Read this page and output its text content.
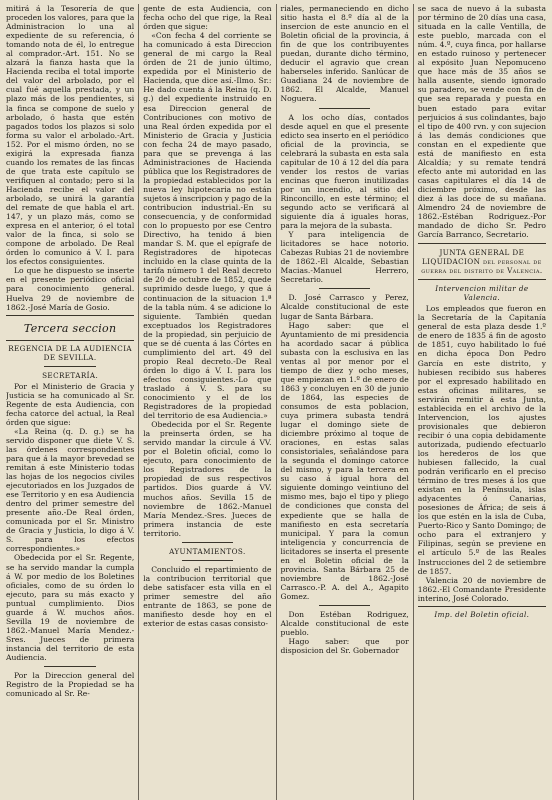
mitirá á la Tesorería de que proceden los valores, para que la Administracion lo una al expediente de su referencia, ó tomando nota de él, lo entregue al comprador.-Art. 151. No se alzará la fianza hasta que la Hacienda reciba el total importe del valor del arbolado, por el cual fué aquella prestada, y un plazo más de los pendientes, si la finca se compone de suelo y arbolado, ó hasta que estén pagados todos los plazos si solo forma su valor el arbolado.-Art. 152. Por el mismo órden, no se exigirá la expresada fianza cuando los remates de las fincas de que trata este capítulo se verifiquen al contado; pero si la Hacienda recibe el valor del arbolado, se unirá la garantía del remate de que habla el art. 147, y un plazo más, como se expresa en el anterior, ó el total valor de la finca, si solo se compone de arbolado. De Real órden lo comunico á V. I. para los efectos consiguientes.

Lo que he dispuesto se inserte en el presente periódico oficial para conocimiento general. Huelva 29 de noviembre de 1862.-José María de Gosio.

Tercera seccion
REGENCIA DE LA AUDIENCIA DE SEVILLA.
SECRETARÍA.

Por el Ministerio de Gracia y Justicia se ha comunicado al Sr. Regente de esta Audiencia, con fecha catorce del actual, la Real órden que sigue:

«La Reina (q. D. g.) se ha servido disponer que diete V. S. las órdenes correspondientes para que á la mayor brevedad se remitan á este Ministerio todas las hojas de los negocios civiles ejecutoriados en los Juzgados de ese Territorio y en esa Audiencia dentro del primer semestre del presente año.-De Real órden, comunicada por el Sr. Ministro de Gracia y Justicia, lo digo á V. S. para los efectos correspondientes.»

Obedecida por el Sr. Regente, se ha servido mandar la cumpla á W. por medio de los Boletines oficiales, como de su órden lo ejecuto, para su más exacto y puntual cumplimiento. Dios guarde á W. muchos años. Sevilla 19 de noviembre de 1862.-Manuel María Mendez.-Sres. Jueces de primera instancia del territorio de esta Audiencia.

Por la Direccion general del Registro de la Propiedad se ha comunicado al Sr. Re-

gente de esta Audiencia, con fecha ocho del que rige, la Real órden que sigue:

«Con fecha 4 del corriente se ha comunicado á esta Direccion general de mi cargo la Real órden de 21 de junio último, expedida por el Ministerio de Hacienda, que dice así.-Ilmo. Sr.: He dado cuenta á la Reina (q. D. g.) del expediente instruido en esa Direccion general de Contribuciones con motivo de una Real órden expedida por el Ministerio de Gracia y Justicia con fecha 24 de mayo pasado, para que se prevenga á las Administraciones de Hacienda pública que los Registradores de la propiedad establecidos por la nueva ley hipotecaria no están sujetos á inscripcion y pago de la contribucion industrial.-En su consecuencia, y de conformidad con lo propuesto por ese Centro Directivo, ha tenido á bien mandar S. M. que el epígrafe de Registradores de hipotecas incluido en la clase quinta de la tarifa número 1 del Real decreto de 20 de octubre de 1852, quede suprimido desde luego, y que á continuacion de la situacion 1.ª de la tabla núm. 4 se adicione lo siguiente. También quedan exceptuados los Registradores de la propiedad, sin perjuicio de que se dé cuenta á las Córtes en cumplimiento del art. 49 del propio Real decreto.-De Real órden lo digo á V. I. para los efectos consiguientes.-Lo que traslado á V. S. para su conocimiento y el de los Registradores de la propiedad del territorio de esa Audiencia.»

Obedecida por el Sr. Regente la preinserta órden, se ha servido mandar la circule á VV. por el Boletin oficial, como lo ejecuto, para conocimiento de los Registradores de la propiedad de sus respectivos partidos. Dios guarde á VV. muchos años. Sevilla 15 de noviembre de 1862.-Manuel María Mendez.-Sres. Jueces de primera instancia de este territorio.

AYUNTAMIENTOS.

Concluido el repartimiento de la contribucion territorial que debe satisfacer esta villa en el primer semestre del año entrante de 1863, se pone de manifiesto desde hoy en el exterior de estas casas consisto-

riales, permaneciendo en dicho sitio hasta el 8.º día al de la insercion de este anuncio en el Boletin oficial de la provincia, á fin de que los contribuyentes puedan, durante dicho término, deducir el agravio que crean haberseles inferido. Sanlúcar de Guadiana 24 de noviembre de 1862. El Alcalde, Manuel Noguera.

A los ocho días, contados desde aquel en que el presente edicto sea inserto en el periódico oficial de la provincia, se celebrará la subasta en esta sala capitular de 10 á 12 del día para vender los restos de varias encinas que fueron inutilizadas por un incendio, al sitio del Rinconcillo, en este término; el segundo acto se verificará al siguiente día á iguales horas, para la mejora de la subasta.

Y para inteligencia de licitadores se hace notorio. Cabezas Rubias 21 de noviembre de 1862.-El Alcalde, Sebastian Macias.-Manuel Herrero, Secretario.

D. José Carrasco y Perez, Alcalde constitucional de este lugar de Santa Bárbara.

Hago saber: que el Ayuntamiento de mi presidencia ha acordado sacar á pública subasta con la esclusiva en las ventas al por menor por el tiempo de diez y ocho meses, que empiezan en 1.º de enero de 1863 y concluyen en 30 de junio de 1864, las especies de consumos de esta poblacion, cuya primera subasta tendrá lugar el domingo siete de diciembre próximo al toque de oraciones, en estas salas consistoriales, señalándose para la segunda el domingo catorce del mismo, y para la tercera en su caso á igual hora del siguiente domingo veintiuno del mismo mes, bajo el tipo y pliego de condiciones que consta del expediente que se halla de manifiesto en esta secretaría municipal. Y para la comun inteligencia y concurrencia de licitadores se inserta el presente en el Boletin oficial de la provincia. Santa Bárbara 25 de noviembre de 1862.-José Carrasco.-P. A. del A., Agapito Gomez.

Don Estéban Rodriguez, Alcalde constitucional de este pueblo.

Hago saber: que por disposicion del Sr. Gobernador

se saca de nuevo á la subasta por término de 20 días una casa, situada en la calle Ventilla, de este pueblo, marcada con el núm. 4.º, cuya finca, por hallarse en estado ruinoso y pertenecer al expósito Juan Nepomuceno que hace más de 35 años se halla ausente, siendo ignorado su paradero, se vende con fin de que sea reparada y puesta en buen estado para evitar perjuicios á sus colindantes, bajo el tipo de 400 rvn. y con sujecion á las demás condiciones que constan en el expediente que está de manifiesto en esta Alcaldía; y su remate tendrá efecto ante mi autoridad en las casas capitulares el día 14 de diciembre próximo, desde las diez á las doce de su mañana. Almendro 24 de noviembre de 1862.-Estéban Rodriguez.-Por mandado de dicho Sr. Pedro García Barranco, Secretario.

JUNTA GENERAL DE LIQUIDACION del personal de guerra del distrito de Valencia.
Intervencion militar de Valencia.

Los empleados que fueron en la Secretaría de la Capitanía general de esta plaza desde 1.º de enero de 1835 á fin de agosto de 1851, cuyo habilitado lo fué en dicha época Don Pedro García en este distrito, y hubiesen recibido sus haberes por el expresado habilitado en estas oficinas militares, se servirán remitir á esta Junta, establecida en el archivo de la Intervencion, los ajustes provisionales que debieron recibir ó una copia debidamente autorizada, pudiendo efectuarlo los herederos de los que hubiesen fallecido, la cual podrán verificarlo en el preciso término de tres meses á los que existan en la Península, islas adyacentes ó Canarias, posesiones de África; de seis á los que estén en la isla de Cuba, Puerto-Rico y Santo Domingo; de ocho para el extranjero y Filipinas, según se previene en el artículo 5.º de las Reales Instrucciones del 2 de setiembre de 1857.

Valencia 20 de noviembre de 1862.-El Comandante Presidente interino, José Colorado.

Imp. del Boletin oficial.
